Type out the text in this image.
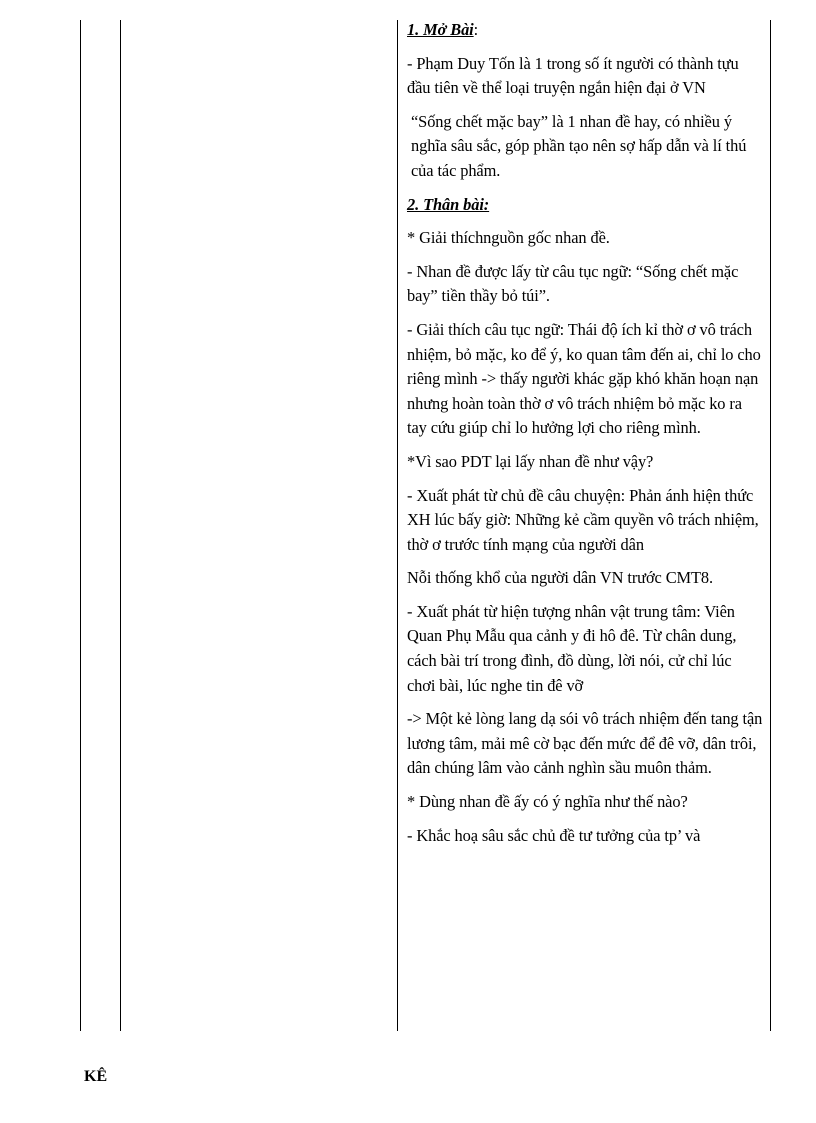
1. Mở Bài:

- Phạm Duy Tốn là 1 trong số ít người có thành tựu đầu tiên về thể loại truyện ngắn hiện đại ở VN

“Sống chết mặc bay” là 1 nhan đề hay, có nhiều ý nghĩa sâu sắc, góp phần tạo nên sợ hấp dẫn và lí thú của tác phẩm.

2. Thân bài:

* Giải thíchnguồn gốc nhan đề.

- Nhan đề được lấy từ câu tục ngữ: “Sống chết mặc bay” tiền thầy bỏ túi”.

- Giải thích câu tục ngữ: Thái độ ích kỉ thờ ơ vô trách nhiệm, bỏ mặc, ko để ý, ko quan tâm đến ai, chỉ lo cho riêng mình -> thấy người khác gặp khó khăn hoạn nạn nhưng hoàn toàn thờ ơ vô trách nhiệm bỏ mặc ko ra tay cứu giúp chỉ lo hưởng lợi cho riêng mình.

*Vì sao PDT lại lấy nhan đề như vậy?

- Xuất phát từ chủ đề câu chuyện: Phản ánh hiện thức XH lúc bấy giờ: Những kẻ cầm quyền vô trách nhiệm, thờ ơ trước tính mạng của người dân

Nỗi thống khổ của người dân VN trước CMT8.

- Xuất phát từ hiện tượng nhân vật trung tâm: Viên Quan Phụ Mẫu qua cảnh y đi hô đê. Từ chân dung, cách bài trí trong đình, đồ dùng, lời nói, cử chỉ lúc chơi bài, lúc nghe tin đê vỡ

-> Một kẻ lòng lang dạ sói vô trách nhiệm đến tang tận lương tâm, mải mê cờ bạc đến mức để đê vỡ, dân trôi, dân chúng lâm vào cảnh nghìn sầu muôn thảm.

* Dùng nhan đề ấy có ý nghĩa như thế nào?

- Khắc hoạ sâu sắc chủ đề tư tưởng của tp’ và

KÊ
